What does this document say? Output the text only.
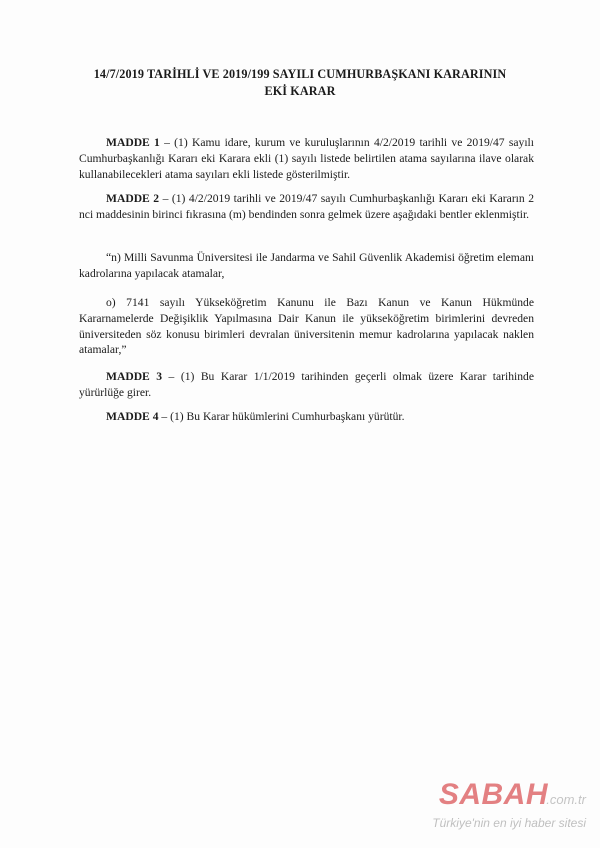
14/7/2019 TARİHLİ VE 2019/199 SAYILI CUMHURBAŞKANI KARARININ
EKİ KARAR
MADDE 1 – (1) Kamu idare, kurum ve kuruluşlarının 4/2/2019 tarihli ve 2019/47 sayılı Cumhurbaşkanlığı Kararı eki Karara ekli (1) sayılı listede belirtilen atama sayılarına ilave olarak kullanabilecekleri atama sayıları ekli listede gösterilmiştir.
MADDE 2 – (1) 4/2/2019 tarihli ve 2019/47 sayılı Cumhurbaşkanlığı Kararı eki Kararın 2 nci maddesinin birinci fıkrasına (m) bendinden sonra gelmek üzere aşağıdaki bentler eklenmiştir.
“n) Milli Savunma Üniversitesi ile Jandarma ve Sahil Güvenlik Akademisi öğretim elemanı kadrolarına yapılacak atamalar,
o) 7141 sayılı Yükseköğretim Kanunu ile Bazı Kanun ve Kanun Hükmünde Kararnamelerde Değişiklik Yapılmasına Dair Kanun ile yükseköğretim birimlerini devreden üniversiteden söz konusu birimleri devralan üniversitenin memur kadrolarına yapılacak naklen atamalar,”
MADDE 3 – (1) Bu Karar 1/1/2019 tarihinden geçerli olmak üzere Karar tarihinde yürürlüğe girer.
MADDE 4 – (1) Bu Karar hükümlerini Cumhurbaşkanı yürütür.
SABAH
.com.tr
Türkiye'nin en iyi haber sitesi
